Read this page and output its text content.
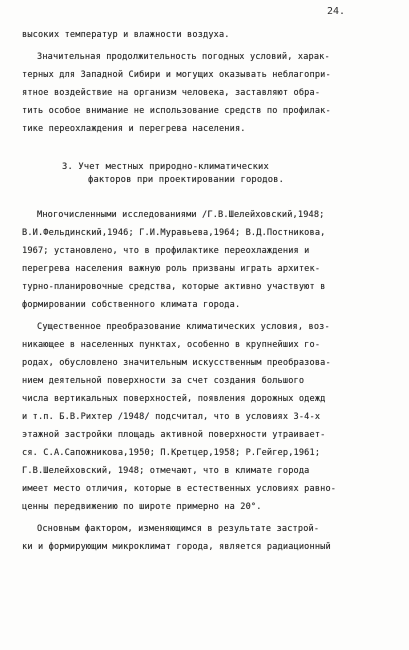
24.
высоких температур и влажности воздуха.
Значительная продолжительность погодных условий, харак-
терных для Западной Сибири и могущих оказывать неблагопри-
ятное воздействие на организм человека, заставляют обра-
тить особое внимание не использование средств по профилак-
тике переохлаждения и перегрева населения.
3. Учет местных природно-климатических
факторов при проектировании городов.
Многочисленными исследованиями /Г.В.Шелейховский,1948;
В.И.Фельдинский,1946; Г.И.Муравьева,1964; В.Д.Постникова,
1967; установлено, что в профилактике переохлаждения и
перегрева населения важную роль призваны играть архитек-
турно-планировочные средства, которые активно участвуют в
формировании собственного климата города.
Существенное преобразование климатических условия, воз-
никающее в населенных пунктах, особенно в крупнейших го-
родах, обусловлено значительным искусственным преобразова-
нием деятельной поверхности за счет создания большого
числа вертикальных поверхностей, появления дорожных одежд
и т.п. Б.В.Рихтер /1948/ подсчитал, что в условиях 3-4-х
этажной застройки площадь активной поверхности утраивает-
ся. С.А.Сапожникова,1950; П.Кретцер,1958; Р.Гейгер,1961;
Г.В.Шелейховский, 1948; отмечают, что в климате города
имеет место отличия, которые в естественных условиях равно-
ценны передвижению по широте примерно на 20°.
Основным фактором, изменяющимся в результате застрой-
ки и формирующим микроклимат города, является радиационный
